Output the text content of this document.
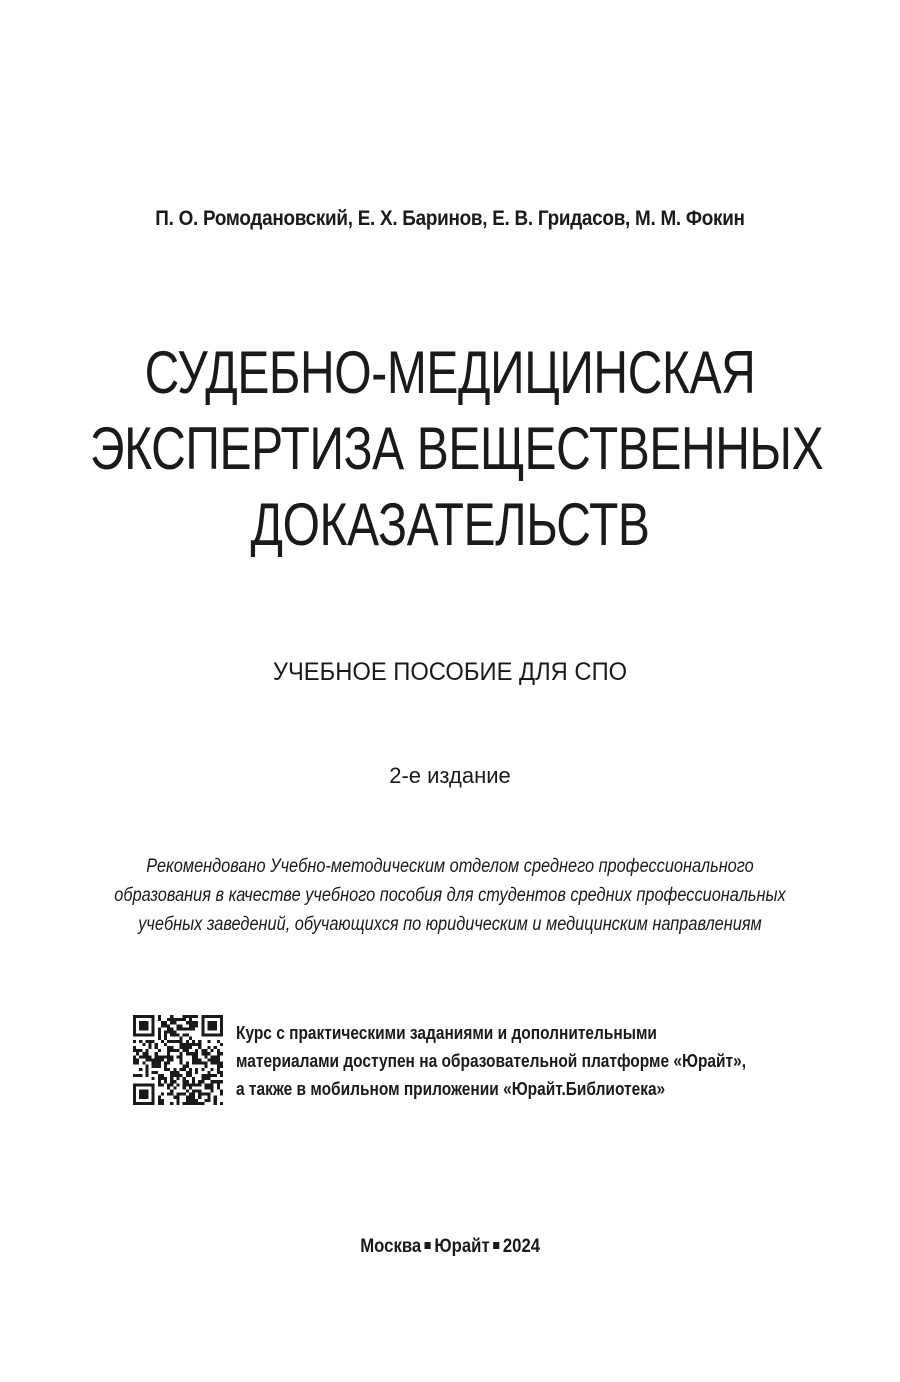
П. О. Ромодановский, Е. Х. Баринов, Е. В. Гридасов, М. М. Фокин
СУДЕБНО-МЕДИЦИНСКАЯ
ЭКСПЕРТИЗА ВЕЩЕСТВЕННЫХ
ДОКАЗАТЕЛЬСТВ
УЧЕБНОЕ ПОСОБИЕ ДЛЯ СПО
2-е издание
Рекомендовано Учебно-методическим отделом среднего профессионального
образования в качестве учебного пособия для студентов средних профессиональных
учебных заведений, обучающихся по юридическим и медицинским направлениям
Курс с практическими заданиями и дополнительными
материалами доступен на образовательной платформе «Юрайт»,
а также в мобильном приложении «Юрайт.Библиотека»
Москва Юрайт 2024
